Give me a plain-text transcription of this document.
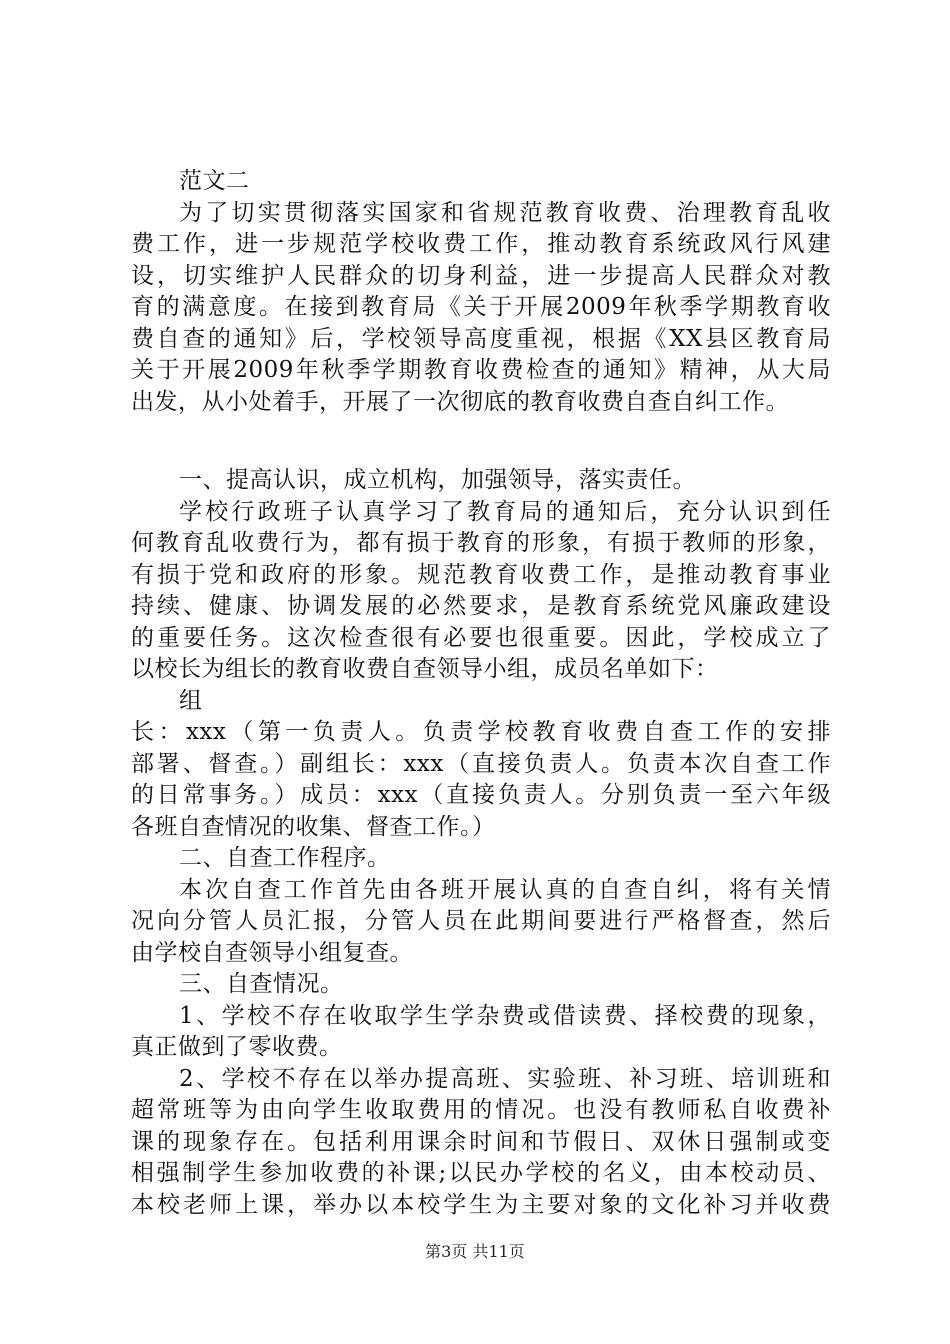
范文二
为了切实贯彻落实国家和省规范教育收费、治理教育乱收
费工作，进一步规范学校收费工作，推动教育系统政风行风建
设，切实维护人民群众的切身利益，进一步提高人民群众对教
育的满意度。在接到教育局《关于开展2009年秋季学期教育收
费自查的通知》后，学校领导高度重视，根据《XX县区教育局
关于开展2009年秋季学期教育收费检查的通知》精神，从大局
出发，从小处着手，开展了一次彻底的教育收费自查自纠工作。
一、提高认识，成立机构，加强领导，落实责任。
学校行政班子认真学习了教育局的通知后，充分认识到任
何教育乱收费行为，都有损于教育的形象，有损于教师的形象，
有损于党和政府的形象。规范教育收费工作，是推动教育事业
持续、健康、协调发展的必然要求，是教育系统党风廉政建设
的重要任务。这次检查很有必要也很重要。因此，学校成立了
以校长为组长的教育收费自查领导小组，成员名单如下：
组
长：xxx（第一负责人。负责学校教育收费自查工作的安排
部署、督查。）副组长：xxx（直接负责人。负责本次自查工作
的日常事务。）成员：xxx（直接负责人。分别负责一至六年级
各班自查情况的收集、督查工作。）
二、自查工作程序。
本次自查工作首先由各班开展认真的自查自纠，将有关情
况向分管人员汇报，分管人员在此期间要进行严格督查，然后
由学校自查领导小组复查。
三、自查情况。
1、学校不存在收取学生学杂费或借读费、择校费的现象，
真正做到了零收费。
2、学校不存在以举办提高班、实验班、补习班、培训班和
超常班等为由向学生收取费用的情况。也没有教师私自收费补
课的现象存在。包括利用课余时间和节假日、双休日强制或变
相强制学生参加收费的补课;以民办学校的名义，由本校动员、
本校老师上课，举办以本校学生为主要对象的文化补习并收费
第3页 共11页
